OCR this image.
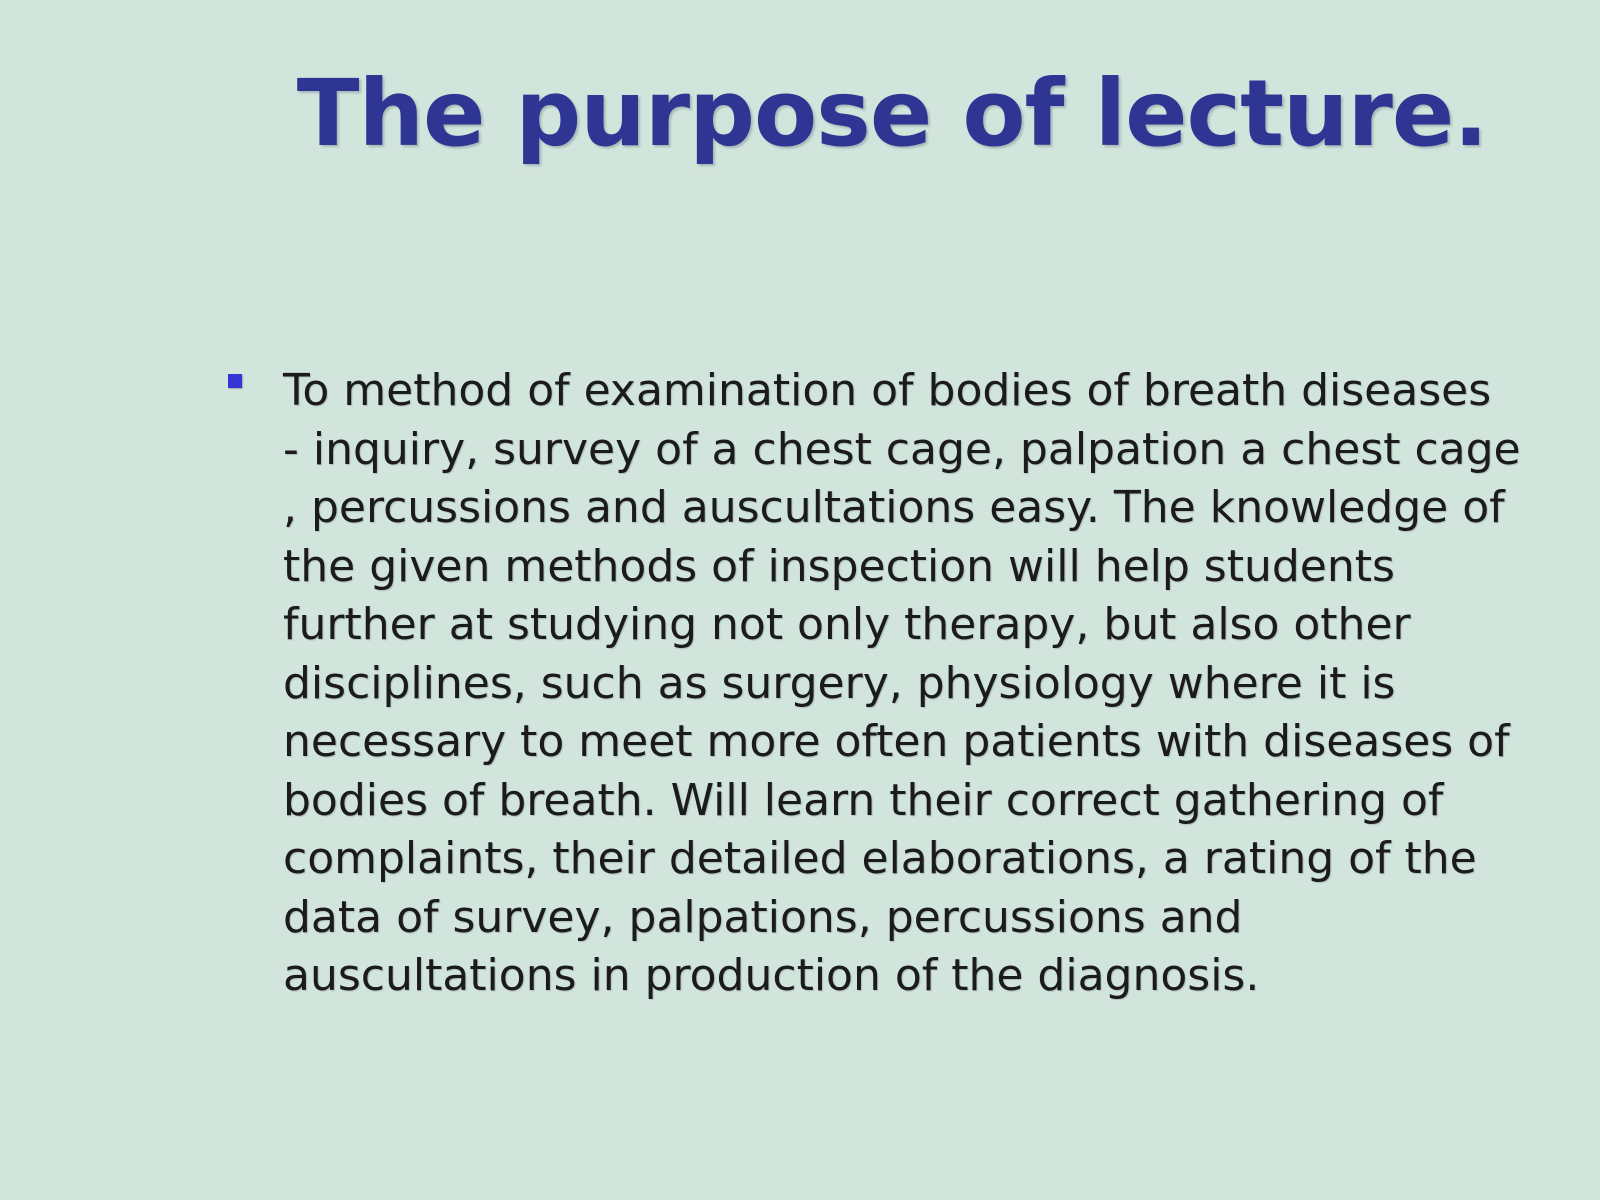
The purpose of lecture.
To method of examination of bodies of breath diseases
- inquiry, survey of a chest cage, palpation a chest cage
, percussions and auscultations easy. The knowledge of
the given methods of inspection will help students
further at studying not only therapy, but also other
disciplines, such as surgery, physiology where it is
necessary to meet more often patients with diseases of
bodies of breath. Will learn their correct gathering of
complaints, their detailed elaborations, a rating of the
data of survey, palpations, percussions and
auscultations in production of the diagnosis.
